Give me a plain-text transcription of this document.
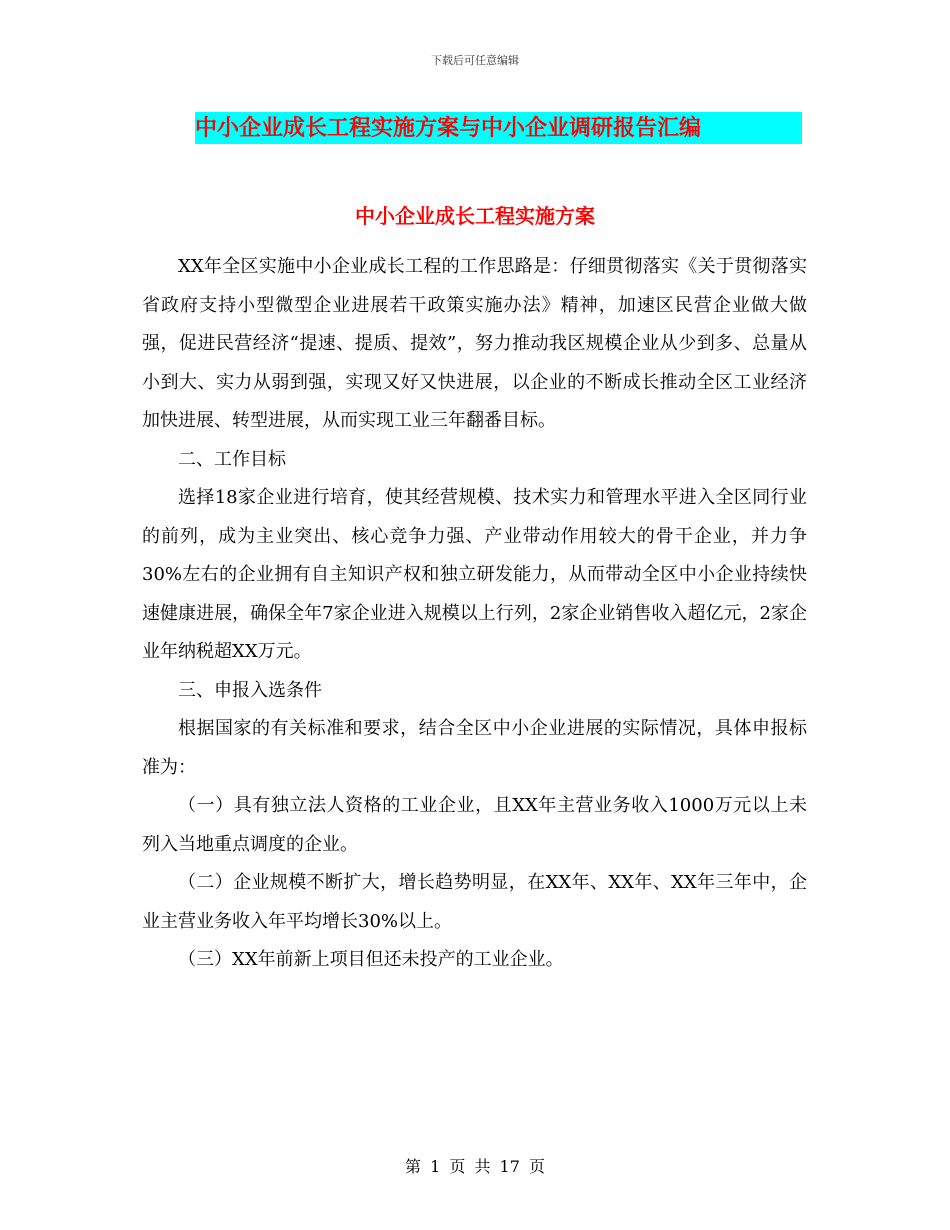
下载后可任意编辑
中小企业成长工程实施方案与中小企业调研报告汇编
中小企业成长工程实施方案

XX年全区实施中小企业成长工程的工作思路是：仔细贯彻落实《关于贯彻落实省政府支持小型微型企业进展若干政策实施办法》精神，加速区民营企业做大做强，促进民营经济“提速、提质、提效”，努力推动我区规模企业从少到多、总量从小到大、实力从弱到强，实现又好又快进展，以企业的不断成长推动全区工业经济加快进展、转型进展，从而实现工业三年翻番目标。

二、工作目标

选择18家企业进行培育，使其经营规模、技术实力和管理水平进入全区同行业的前列，成为主业突出、核心竞争力强、产业带动作用较大的骨干企业，并力争30%左右的企业拥有自主知识产权和独立研发能力，从而带动全区中小企业持续快速健康进展，确保全年7家企业进入规模以上行列，2家企业销售收入超亿元，2家企业年纳税超XX万元。

三、申报入选条件

根据国家的有关标准和要求，结合全区中小企业进展的实际情况，具体申报标准为：

（一）具有独立法人资格的工业企业，且XX年主营业务收入1000万元以上未列入当地重点调度的企业。

（二）企业规模不断扩大，增长趋势明显，在XX年、XX年、XX年三年中，企业主营业务收入年平均增长30%以上。

（三）XX年前新上项目但还未投产的工业企业。

第 1 页 共 17 页
